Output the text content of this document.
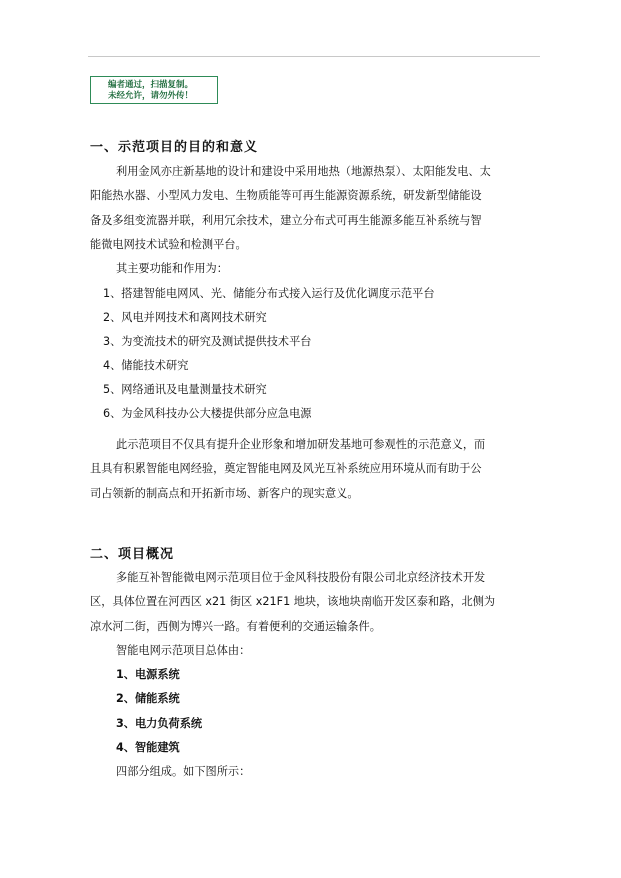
编者通过，扫描复制。
未经允许，请勿外传！
一、示范项目的目的和意义
利用金风亦庄新基地的设计和建设中采用地热（地源热泵）、太阳能发电、太
阳能热水器、小型风力发电、生物质能等可再生能源资源系统，研发新型储能设
备及多组变流器并联，利用冗余技术，建立分布式可再生能源多能互补系统与智
能微电网技术试验和检测平台。
其主要功能和作用为：
1、搭建智能电网风、光、储能分布式接入运行及优化调度示范平台
2、风电并网技术和离网技术研究
3、为变流技术的研究及测试提供技术平台
4、储能技术研究
5、网络通讯及电量测量技术研究
6、为金风科技办公大楼提供部分应急电源
此示范项目不仅具有提升企业形象和增加研发基地可参观性的示范意义，而
且具有积累智能电网经验，奠定智能电网及风光互补系统应用环境从而有助于公
司占领新的制高点和开拓新市场、新客户的现实意义。
二、项目概况
多能互补智能微电网示范项目位于金风科技股份有限公司北京经济技术开发
区，具体位置在河西区 x21 街区 x21F1 地块，该地块南临开发区泰和路，北侧为
凉水河二街，西侧为博兴一路。有着便利的交通运输条件。
智能电网示范项目总体由：
1、电源系统
2、储能系统
3、电力负荷系统
4、智能建筑
四部分组成。如下图所示：
